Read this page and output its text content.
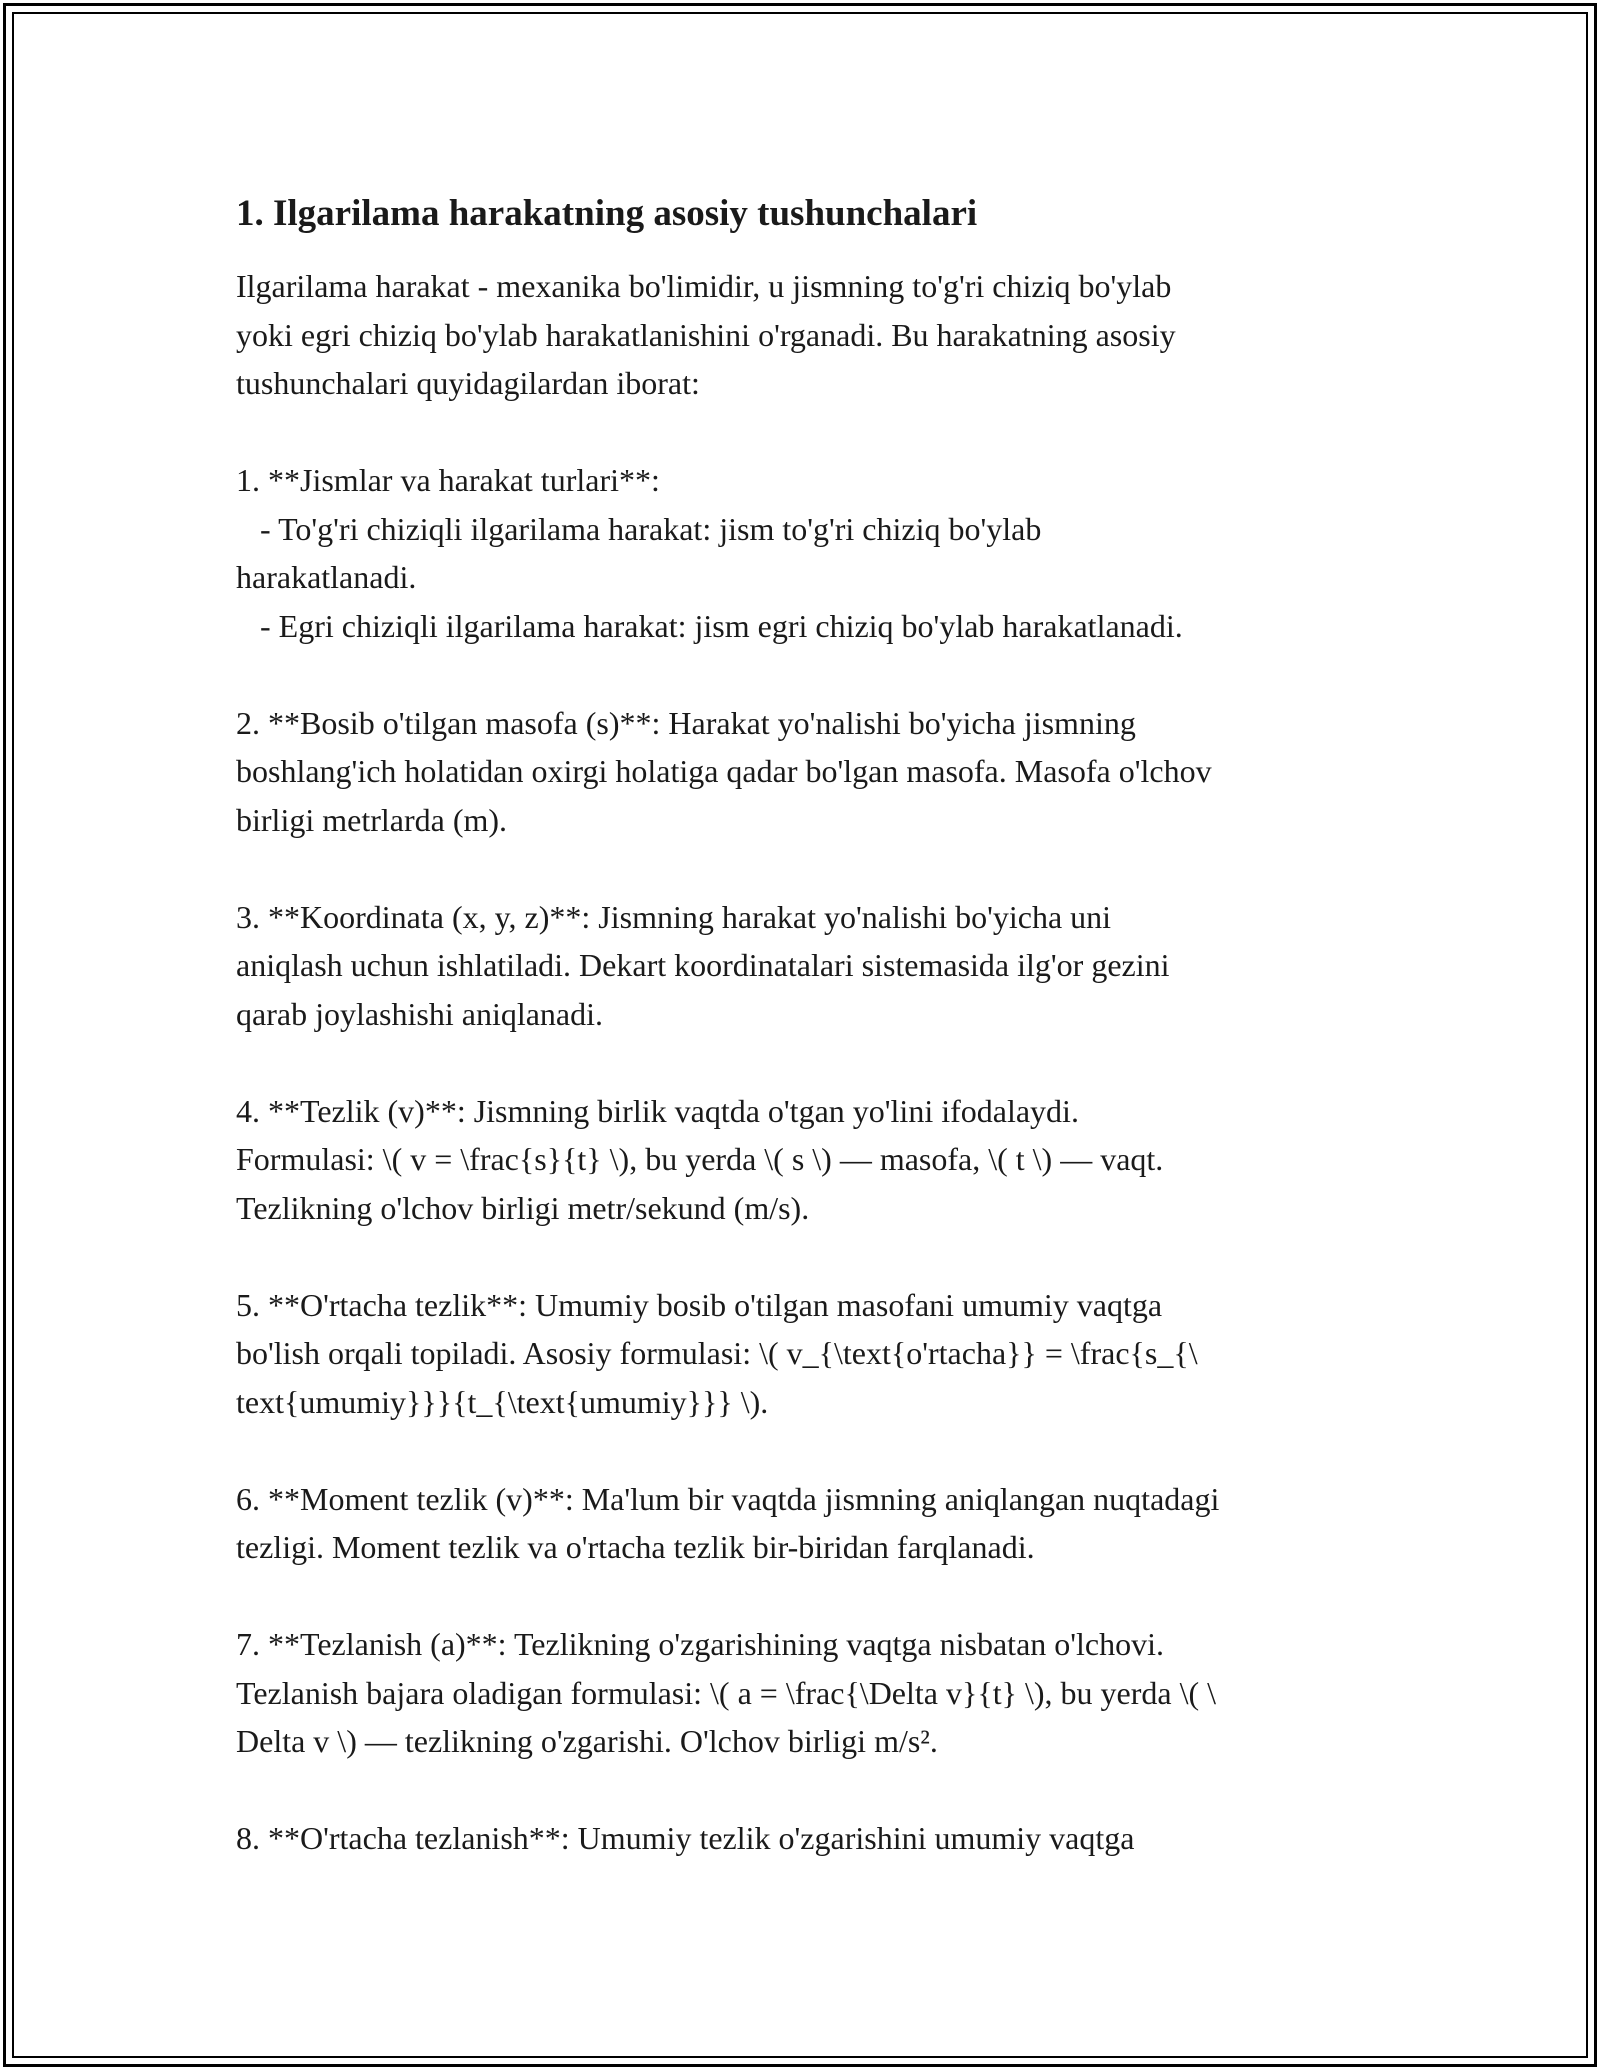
1. Ilgarilama harakatning asosiy tushunchalari
Ilgarilama harakat - mexanika bo'limidir, u jismning to'g'ri chiziq bo'ylab
yoki egri chiziq bo'ylab harakatlanishini o'rganadi. Bu harakatning asosiy
tushunchalari quyidagilardan iborat:
1. **Jismlar va harakat turlari**:
- To'g'ri chiziqli ilgarilama harakat: jism to'g'ri chiziq bo'ylab
harakatlanadi.
- Egri chiziqli ilgarilama harakat: jism egri chiziq bo'ylab harakatlanadi.
2. **Bosib o'tilgan masofa (s)**: Harakat yo'nalishi bo'yicha jismning
boshlang'ich holatidan oxirgi holatiga qadar bo'lgan masofa. Masofa o'lchov
birligi metrlarda (m).
3. **Koordinata (x, y, z)**: Jismning harakat yo'nalishi bo'yicha uni
aniqlash uchun ishlatiladi. Dekart koordinatalari sistemasida ilg'or gezini
qarab joylashishi aniqlanadi.
4. **Tezlik (v)**: Jismning birlik vaqtda o'tgan yo'lini ifodalaydi.
Formulasi: \( v = \frac{s}{t} \), bu yerda \( s \) — masofa, \( t \) — vaqt.
Tezlikning o'lchov birligi metr/sekund (m/s).
5. **O'rtacha tezlik**: Umumiy bosib o'tilgan masofani umumiy vaqtga
bo'lish orqali topiladi. Asosiy formulasi: \( v_{\text{o'rtacha}} = \frac{s_{\
text{umumiy}}}{t_{\text{umumiy}}} \).
6. **Moment tezlik (v)**: Ma'lum bir vaqtda jismning aniqlangan nuqtadagi
tezligi. Moment tezlik va o'rtacha tezlik bir-biridan farqlanadi.
7. **Tezlanish (a)**: Tezlikning o'zgarishining vaqtga nisbatan o'lchovi.
Tezlanish bajara oladigan formulasi: \( a = \frac{\Delta v}{t} \), bu yerda \( \
Delta v \) — tezlikning o'zgarishi. O'lchov birligi m/s².
8. **O'rtacha tezlanish**: Umumiy tezlik o'zgarishini umumiy vaqtga
